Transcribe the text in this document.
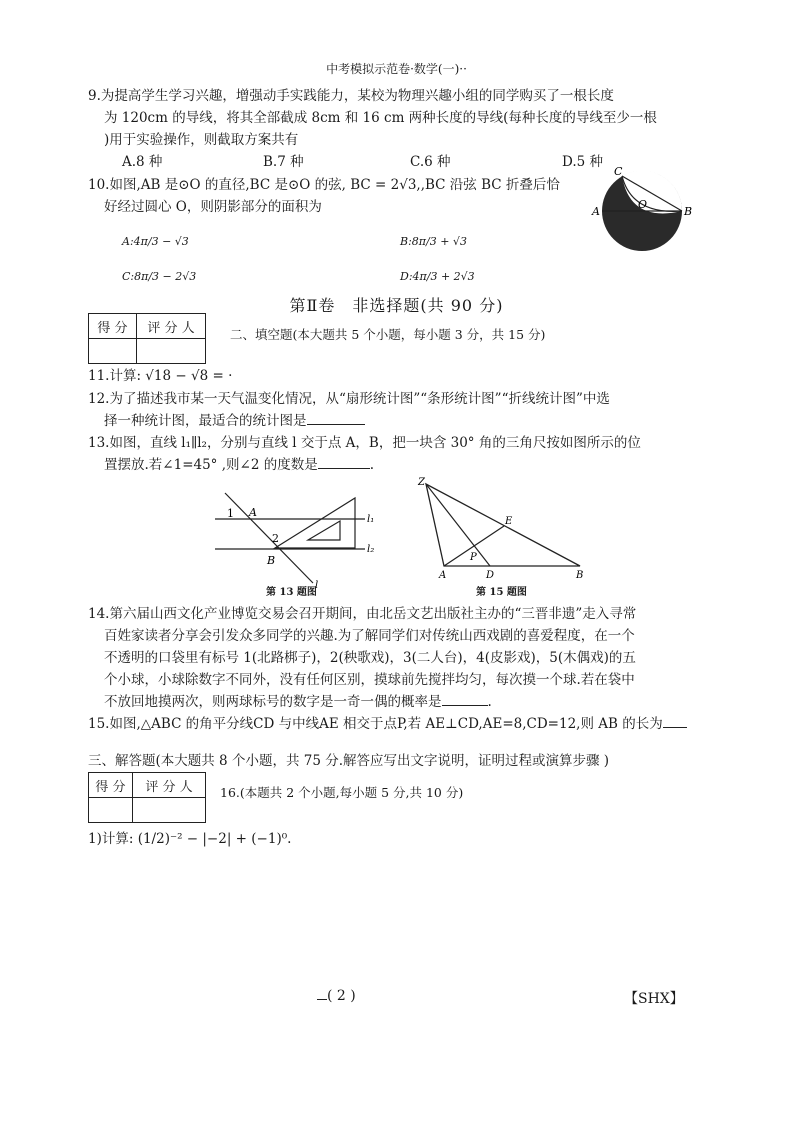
中考模拟示范卷·数学(一)··
9.为提高学生学习兴趣，增强动手实践能力，某校为物理兴趣小组的同学购买了一根长度
为 120cm 的导线，将其全部截成 8cm 和 16 cm 两种长度的导线(每种长度的导线至少一根
)用于实验操作，则截取方案共有
A.8 种	B.7 种	C.6 种	D.5 种
10.如图,AB 是⊙O 的直径,BC 是⊙O 的弦, BC = 2√3,,BC 沿弦 BC 折叠后恰
好经过圆心 O，则阴影部分的面积为
A:4π/3 − √3	B:8π/3 + √3
C:8π/3 − 2√3	D:4π/3 + 2√3
C
A
O
B
第Ⅱ卷　非选择题(共 90 分)
得 分	评 分 人
		二、填空题(本大题共 5 个小题，每小题 3 分，共 15 分)
11.计算: √18 − √8 = ·
12.为了描述我市某一天气温变化情况，从“扇形统计图”“条形统计图”“折线统计图”中选
择一种统计图，最适合的统计图是
13.如图，直线 l₁∥l₂，分别与直线 l 交于点 A，B，把一块含 30° 角的三角尺按如图所示的位
置摆放.若∠1=45° ,则∠2 的度数是	.
1 A
l₁
2
l₂
B
l
第 13 题图
Z
E
P
A	D	B
第 15 题图
14.第六届山西文化产业博览交易会召开期间，由北岳文艺出版社主办的“三晋非遗”走入寻常
百姓家读者分享会引发众多同学的兴趣.为了解同学们对传统山西戏剧的喜爱程度，在一个
不透明的口袋里有标号 1(北路梆子)，2(秧歌戏)，3(二人台)，4(皮影戏)，5(木偶戏)的五
个小球，小球除数字不同外，没有任何区别，摸球前先搅拌均匀，每次摸一个球.若在袋中
不放回地摸两次，则两球标号的数字是一奇一偶的概率是	.
15.如图,△ABC 的角平分线CD 与中线AE 相交于点P,若 AE⊥CD,AE=8,CD=12,则 AB 的长为
三、解答题(本大题共 8 个小题，共 75 分.解答应写出文字说明，证明过程或演算步骤 )
得 分	评 分 人
	16.(本题共 2 个小题,每小题 5 分,共 10 分)
1)计算: (1/2)⁻² − |−2| + (−1)⁰.
( 2 )	【SHX】
